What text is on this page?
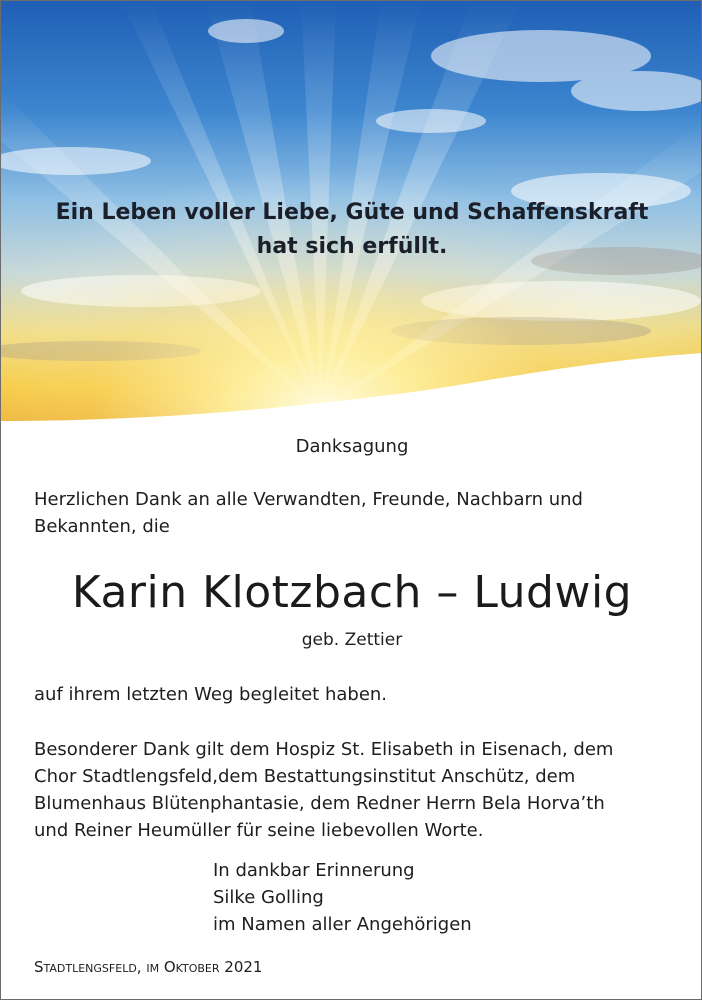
Ein Leben voller Liebe, Güte und Schaffenskraft
hat sich erfüllt.
Danksagung
Herzlichen Dank an alle Verwandten, Freunde, Nachbarn und
Bekannten, die
Karin Klotzbach – Ludwig
geb. Zettier
auf ihrem letzten Weg begleitet haben.
Besonderer Dank gilt dem Hospiz St. Elisabeth in Eisenach, dem
Chor Stadtlengsfeld,dem Bestattungsinstitut Anschütz, dem
Blumenhaus Blütenphantasie, dem Redner Herrn Bela Horva’th
und Reiner Heumüller für seine liebevollen Worte.
In dankbar Erinnerung
Silke Golling
im Namen aller Angehörigen
Stadtlengsfeld, im Oktober 2021
